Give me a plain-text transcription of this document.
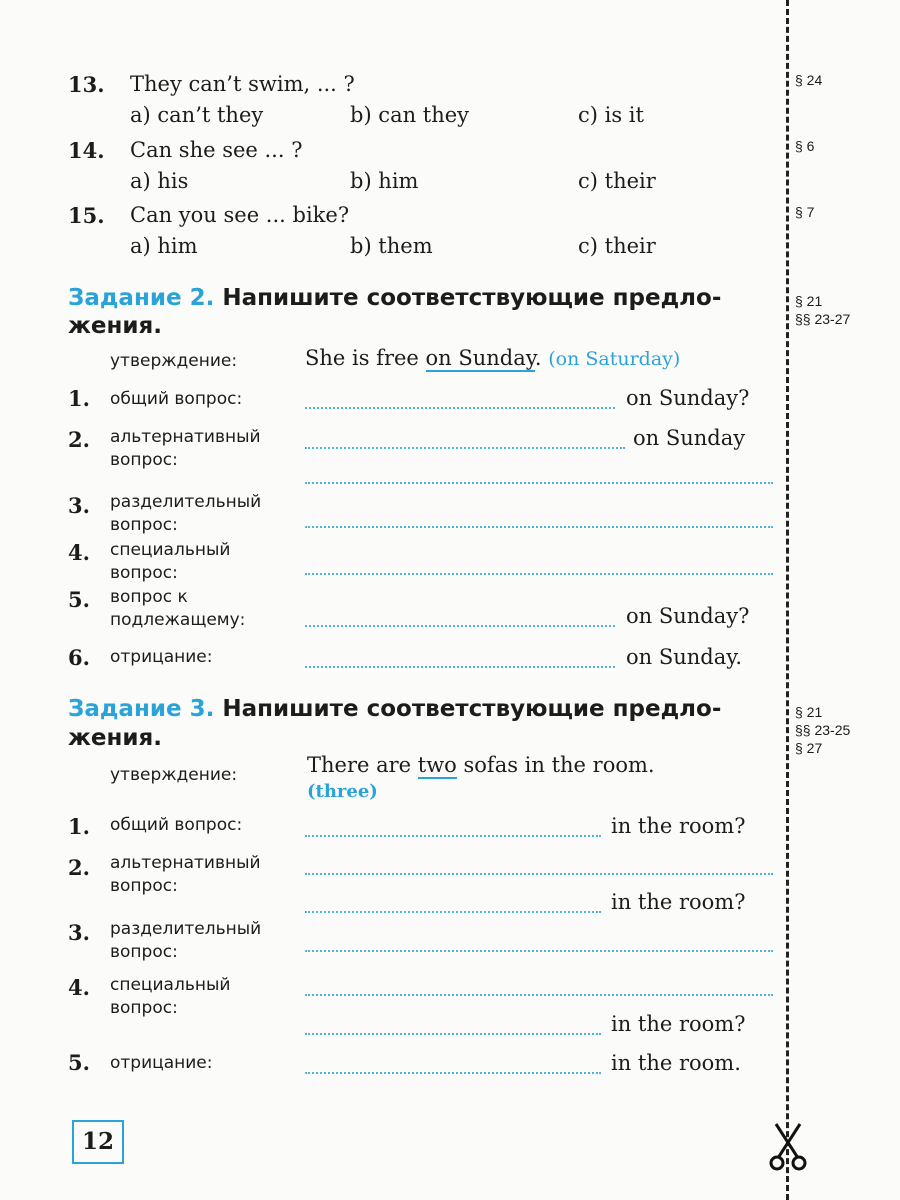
13. They can’t swim, ... ?
a) can’t they	b) can they	c) is it
14. Can she see ... ?
a) his	b) him	c) their
15. Can you see ... bike?
a) him	b) them	c) their
Задание 2. Напишите соответствующие предло-
жения.
утверждение:	She is free on Sunday. (on Saturday)
1. общий вопрос:	on Sunday?
2. альтернативный
вопрос:
on Sunday
3. разделительный
вопрос:
4. специальный
вопрос:
5. вопрос к
подлежащему:	on Sunday?
6. отрицание:	on Sunday.
Задание 3. Напишите соответствующие предло-
жения.
утверждение:	There are two sofas in the room.
(three)
1. общий вопрос:	in the room?
2. альтернативный
вопрос:
in the room?
3. разделительный
вопрос:
4. специальный
вопрос:
in the room?
5. отрицание:	in the room.
§ 24
§ 6
§ 7
§ 21
§§ 23-27
§ 21
§§ 23-25
§ 27
12
